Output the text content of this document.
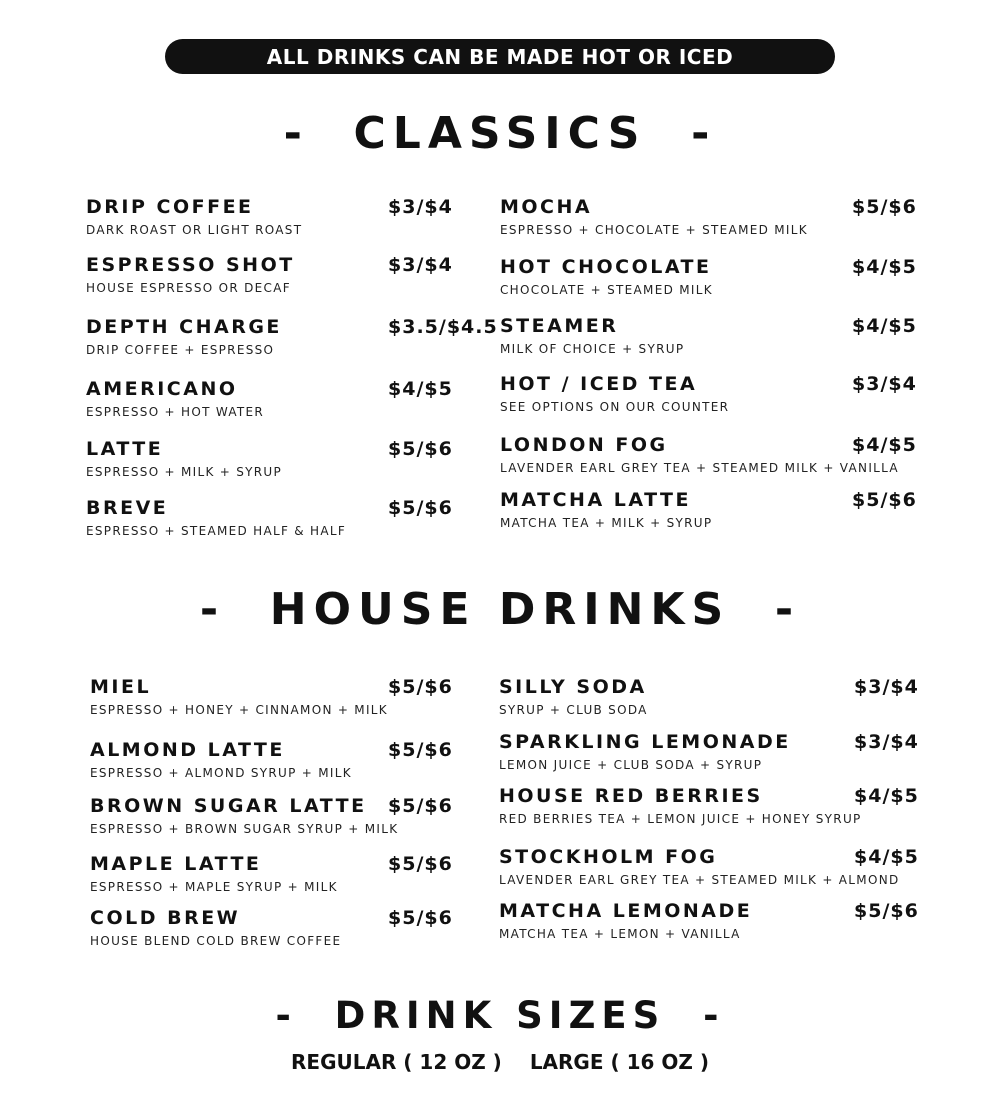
ALL DRINKS CAN BE MADE HOT OR ICED
-  CLASSICS  -
DRIP COFFEE	$3/$4
DARK ROAST OR LIGHT ROAST
ESPRESSO SHOT	$3/$4
HOUSE ESPRESSO OR DECAF
DEPTH CHARGE	$3.5/$4.5
DRIP COFFEE + ESPRESSO
AMERICANO	$4/$5
ESPRESSO + HOT WATER
LATTE	$5/$6
ESPRESSO + MILK + SYRUP
BREVE	$5/$6
ESPRESSO + STEAMED HALF & HALF
MOCHA	$5/$6
ESPRESSO + CHOCOLATE + STEAMED MILK
HOT CHOCOLATE	$4/$5
CHOCOLATE + STEAMED MILK
STEAMER	$4/$5
MILK OF CHOICE + SYRUP
HOT / ICED TEA	$3/$4
SEE OPTIONS ON OUR COUNTER
LONDON FOG	$4/$5
LAVENDER EARL GREY TEA + STEAMED MILK + VANILLA
MATCHA LATTE	$5/$6
MATCHA TEA + MILK + SYRUP
-  HOUSE DRINKS  -
MIEL	$5/$6
ESPRESSO + HONEY + CINNAMON + MILK
ALMOND LATTE	$5/$6
ESPRESSO + ALMOND SYRUP + MILK
BROWN SUGAR LATTE $5/$6
ESPRESSO + BROWN SUGAR SYRUP + MILK
MAPLE LATTE	$5/$6
ESPRESSO + MAPLE SYRUP + MILK
COLD BREW	$5/$6
HOUSE BLEND COLD BREW COFFEE
SILLY SODA	$3/$4
SYRUP + CLUB SODA
SPARKLING LEMONADE	$3/$4
LEMON JUICE + CLUB SODA + SYRUP
HOUSE RED BERRIES	$4/$5
RED BERRIES TEA + LEMON JUICE + HONEY SYRUP
STOCKHOLM FOG	$4/$5
LAVENDER EARL GREY TEA + STEAMED MILK + ALMOND
MATCHA LEMONADE	$5/$6
MATCHA TEA + LEMON + VANILLA
-  DRINK SIZES  -
REGULAR ( 12 OZ ) LARGE ( 16 OZ )
